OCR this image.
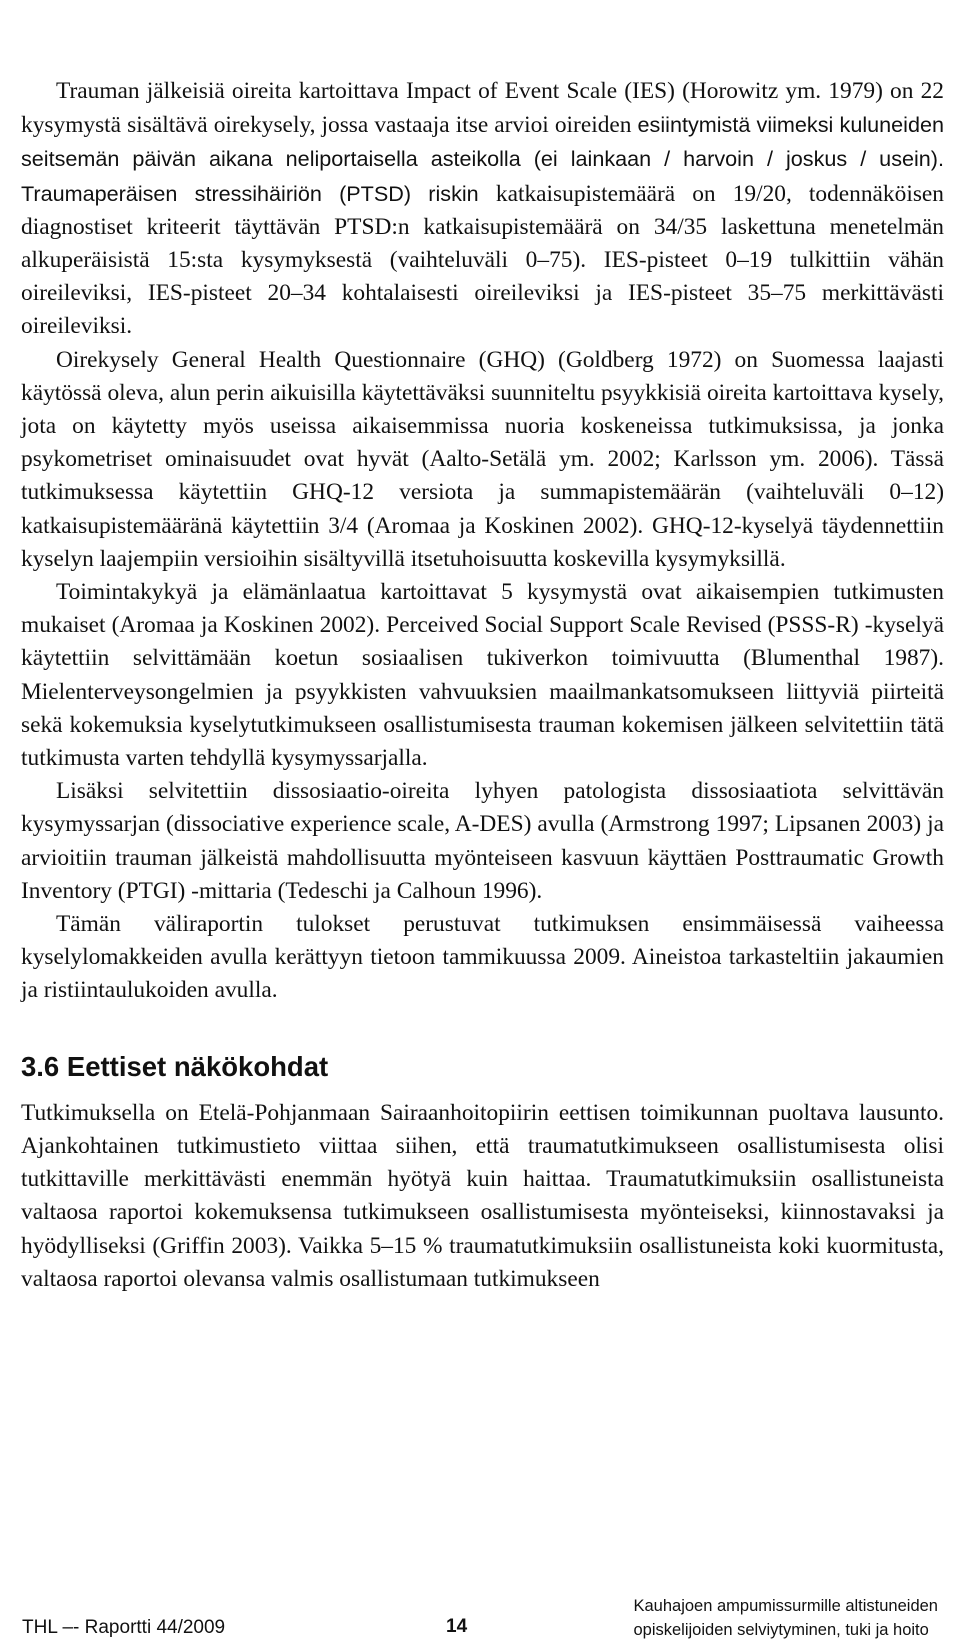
Trauman jälkeisiä oireita kartoittava Impact of Event Scale (IES) (Horowitz ym. 1979) on 22 kysymystä sisältävä oirekysely, jossa vastaaja itse arvioi oireiden esiintymistä viimeksi kuluneiden seitsemän päivän aikana neliportaisella asteikolla (ei lainkaan / harvoin / joskus / usein). Traumaperäisen stressihäiriön (PTSD) riskin katkaisupistemäärä on 19/20, todennäköisen diagnostiset kriteerit täyttävän PTSD:n katkaisupistemäärä on 34/35 laskettuna menetelmän alkuperäisistä 15:sta kysymyksestä (vaihteluväli 0–75). IES-pisteet 0–19 tulkittiin vähän oireileviksi, IES-pisteet 20–34 kohtalaisesti oireileviksi ja IES-pisteet 35–75 merkittävästi oireileviksi.

Oirekysely General Health Questionnaire (GHQ) (Goldberg 1972) on Suomessa laajasti käytössä oleva, alun perin aikuisilla käytettäväksi suunniteltu psyykkisiä oireita kartoittava kysely, jota on käytetty myös useissa aikaisemmissa nuoria koskeneissa tutkimuksissa, ja jonka psykometriset ominaisuudet ovat hyvät (Aalto-Setälä ym. 2002; Karlsson ym. 2006). Tässä tutkimuksessa käytettiin GHQ-12 versiota ja summapistemäärän (vaihteluväli 0–12) katkaisupistemääränä käytettiin 3/4 (Aromaa ja Koskinen 2002). GHQ-12-kyselyä täydennettiin kyselyn laajempiin versioihin sisältyvillä itsetuhoisuutta koskevilla kysymyksillä.

Toimintakykyä ja elämänlaatua kartoittavat 5 kysymystä ovat aikaisempien tutkimusten mukaiset (Aromaa ja Koskinen 2002). Perceived Social Support Scale Revised (PSSS-R) -kyselyä käytettiin selvittämään koetun sosiaalisen tukiverkon toimivuutta (Blumenthal 1987). Mielenterveysongelmien ja psyykkisten vahvuuksien maailmankatsomukseen liittyviä piirteitä sekä kokemuksia kyselytutkimukseen osallistumisesta trauman kokemisen jälkeen selvitettiin tätä tutkimusta varten tehdyllä kysymyssarjalla.

Lisäksi selvitettiin dissosiaatio-oireita lyhyen patologista dissosiaatiota selvittävän kysymyssarjan (dissociative experience scale, A-DES) avulla (Armstrong 1997; Lipsanen 2003) ja arvioitiin trauman jälkeistä mahdollisuutta myönteiseen kasvuun käyttäen Posttraumatic Growth Inventory (PTGI) -mittaria (Tedeschi ja Calhoun 1996).

Tämän väliraportin tulokset perustuvat tutkimuksen ensimmäisessä vaiheessa kyselylomakkeiden avulla kerättyyn tietoon tammikuussa 2009. Aineistoa tarkasteltiin jakaumien ja ristiintaulukoiden avulla.

3.6 Eettiset näkökohdat

Tutkimuksella on Etelä-Pohjanmaan Sairaanhoitopiirin eettisen toimikunnan puoltava lausunto. Ajankohtainen tutkimustieto viittaa siihen, että traumatutkimukseen osallistumisesta olisi tutkittaville merkittävästi enemmän hyötyä kuin haittaa. Traumatutkimuksiin osallistuneista valtaosa raportoi kokemuksensa tutkimukseen osallistumisesta myönteiseksi, kiinnostavaksi ja hyödylliseksi (Griffin 2003). Vaikka 5–15 % traumatutkimuksiin osallistuneista koki kuormitusta, valtaosa raportoi olevansa valmis osallistumaan tutkimukseen

THL –- Raportti 44/2009	14
Kauhajoen ampumissurmille altistuneiden
opiskelijoiden selviytyminen, tuki ja hoito
